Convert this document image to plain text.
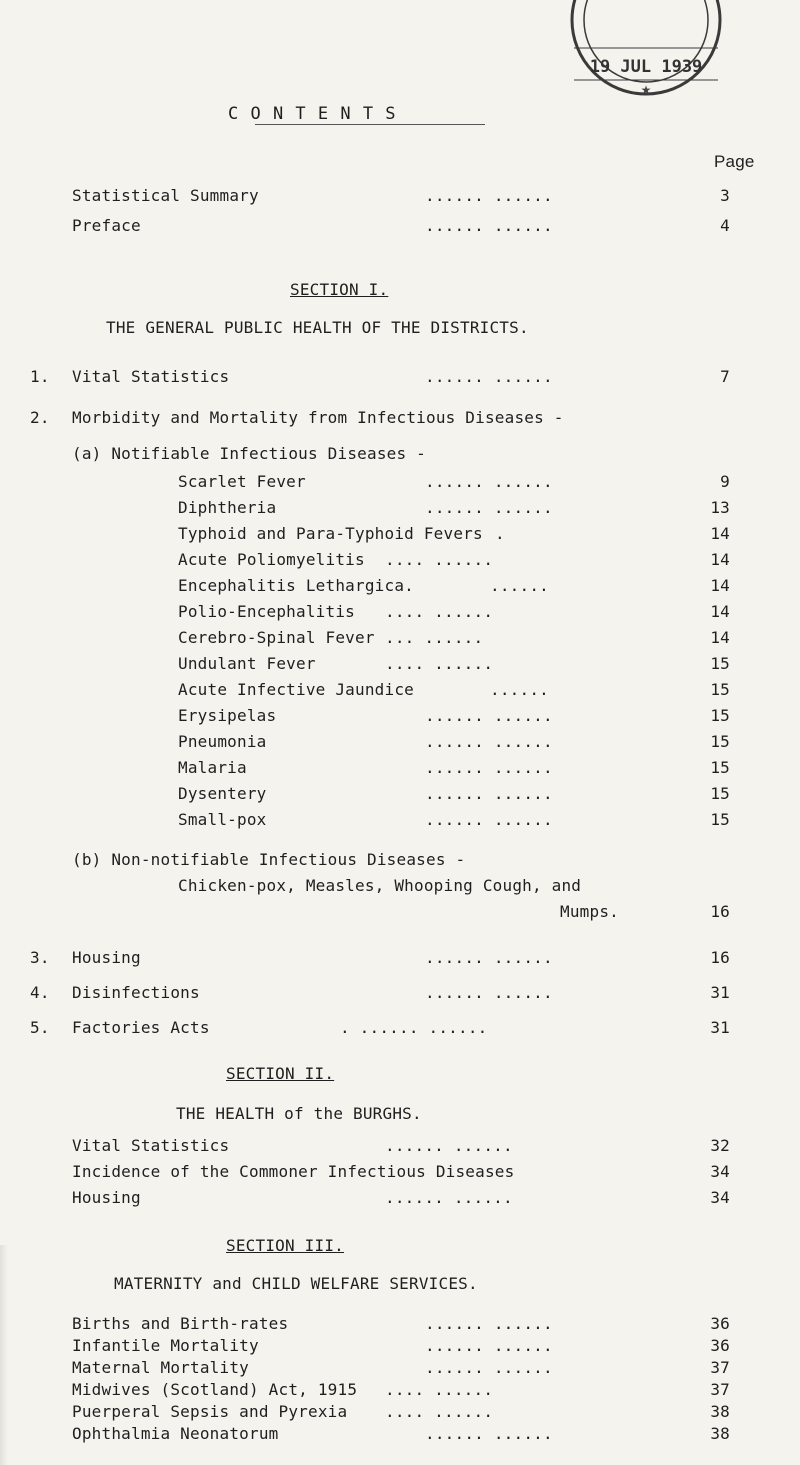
19 JUL 1939
★
C O N T E N T S
Page
Statistical Summary	...... ......	3
Preface	...... ......	4
SECTION I.
THE GENERAL PUBLIC HEALTH OF THE DISTRICTS.
1. Vital Statistics	...... ......	7
2. Morbidity and Mortality from Infectious Diseases -
(a) Notifiable Infectious Diseases -
Scarlet Fever	...... ......	9
Diphtheria	...... ......	13
Typhoid and Para-Typhoid Fevers .	14
Acute Poliomyelitis .... ......	14
Encephalitis Lethargica.	......	14
Polio-Encephalitis .... ......	14
Cerebro-Spinal Fever ... ......	14
Undulant Fever	.... ......	15
Acute Infective Jaundice	......	15
Erysipelas	...... ......	15
Pneumonia	...... ......	15
Malaria	...... ......	15
Dysentery	...... ......	15
Small-pox	...... ......	15
(b) Non-notifiable Infectious Diseases -
Chicken-pox, Measles, Whooping Cough, and
Mumps.	16
3. Housing	...... ......	16
4. Disinfections	...... ......	31
5. Factories Acts	. ...... ......	31
SECTION II.
THE HEALTH of the BURGHS.
Vital Statistics	...... ......	32
Incidence of the Commoner Infectious Diseases	34
Housing	...... ......	34
SECTION III.
MATERNITY and CHILD WELFARE SERVICES.
Births and Birth-rates	...... ......	36
Infantile Mortality	...... ......	36
Maternal Mortality	...... ......	37
Midwives (Scotland) Act, 1915 .... ......	37
Puerperal Sepsis and Pyrexia .... ......	38
Ophthalmia Neonatorum	...... ......	38
